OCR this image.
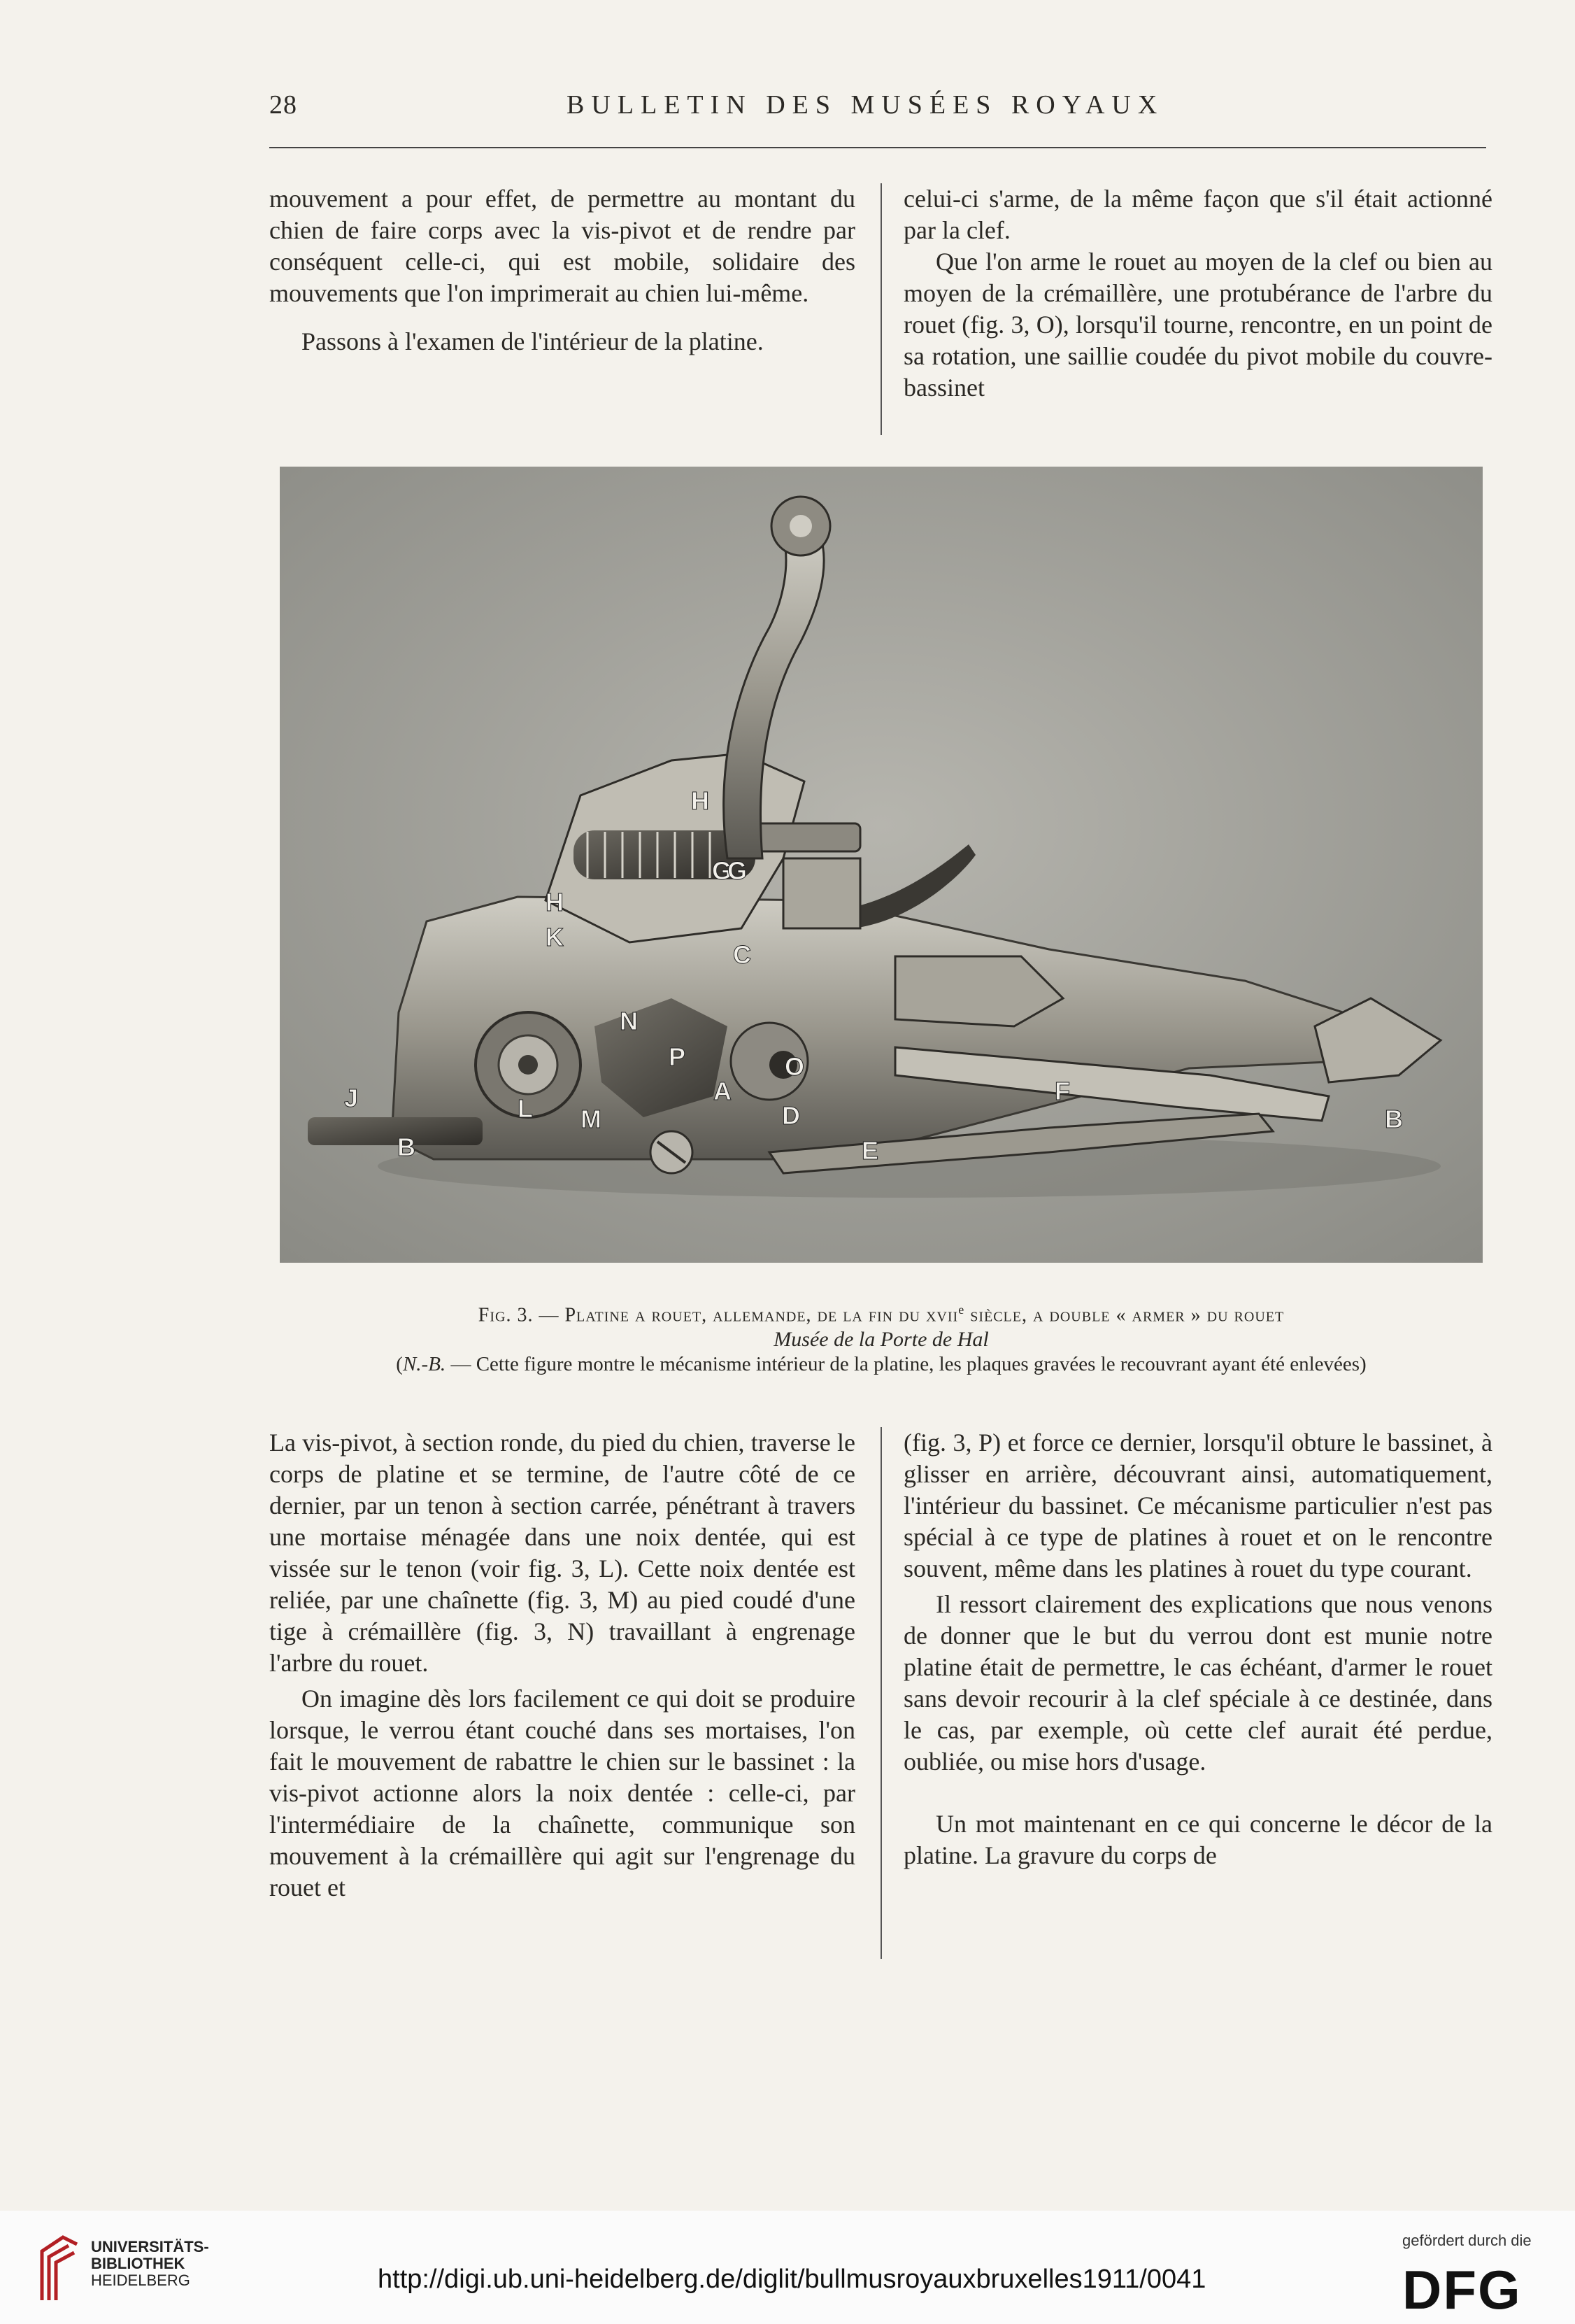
28	BULLETIN DES MUSÉES ROYAUX

mouvement a pour effet, de permettre au montant du chien de faire corps avec la vis-pivot et de rendre par conséquent celle-ci, qui est mobile, solidaire des mouvements que l'on imprimerait au chien lui-même.

Passons à l'examen de l'intérieur de la platine.

celui-ci s'arme, de la même façon que s'il était actionné par la clef.

Que l'on arme le rouet au moyen de la clef ou bien au moyen de la crémaillère, une protubérance de l'arbre du rouet (fig. 3, O), lorsqu'il tourne, rencontre, en un point de sa rotation, une saillie coudée du pivot mobile du couvre-bassinet

H
G
G
H
K
C
N
P	O
J	L
A
M	D
B	E
F
B
Fig. 3. — Platine a rouet, allemande, de la fin du xvii$^e$ siècle, a double « armer » du rouet
Musée de la Porte de Hal
(N.-B. — Cette figure montre le mécanisme intérieur de la platine, les plaques gravées le recouvrant ayant été enlevées)

La vis-pivot, à section ronde, du pied du chien, traverse le corps de platine et se termine, de l'autre côté de ce dernier, par un tenon à section carrée, pénétrant à travers une mortaise ménagée dans une noix dentée, qui est vissée sur le tenon (voir fig. 3, L). Cette noix dentée est reliée, par une chaînette (fig. 3, M) au pied coudé d'une tige à crémaillère (fig. 3, N) travaillant à engrenage l'arbre du rouet.

On imagine dès lors facilement ce qui doit se produire lorsque, le verrou étant couché dans ses mortaises, l'on fait le mouvement de rabattre le chien sur le bassinet : la vis-pivot actionne alors la noix dentée : celle-ci, par l'intermédiaire de la chaînette, communique son mouvement à la crémaillère qui agit sur l'engrenage du rouet et

(fig. 3, P) et force ce dernier, lorsqu'il obture le bassinet, à glisser en arrière, découvrant ainsi, automatiquement, l'intérieur du bassinet. Ce mécanisme particulier n'est pas spécial à ce type de platines à rouet et on le rencontre souvent, même dans les platines à rouet du type courant.

Il ressort clairement des explications que nous venons de donner que le but du verrou dont est munie notre platine était de permettre, le cas échéant, d'armer le rouet sans devoir recourir à la clef spéciale à ce destinée, dans le cas, par exemple, où cette clef aurait été perdue, oubliée, ou mise hors d'usage.

Un mot maintenant en ce qui concerne le décor de la platine. La gravure du corps de

UNIVERSITÄTS-
BIBLIOTHEK
HEIDELBERG	http://digi.ub.uni-heidelberg.de/diglit/bullmusroyauxbruxelles1911/0041
gefördert durch die
DFG
